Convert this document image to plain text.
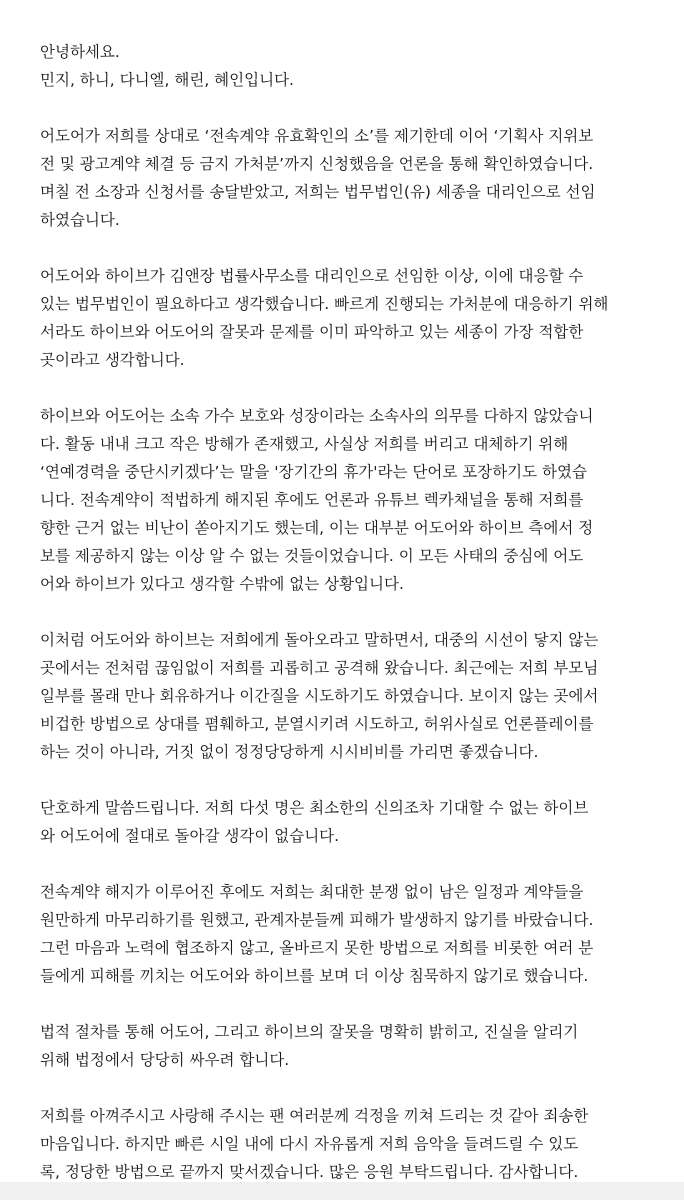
안녕하세요.
민지, 하니, 다니엘, 해린, 혜인입니다.
어도어가 저희를 상대로 ‘전속계약 유효확인의 소’를 제기한데 이어 ‘기획사 지위보
전 및 광고계약 체결 등 금지 가처분’까지 신청했음을 언론을 통해 확인하였습니다.
며칠 전 소장과 신청서를 송달받았고, 저희는 법무법인(유) 세종을 대리인으로 선임
하였습니다.
어도어와 하이브가 김앤장 법률사무소를 대리인으로 선임한 이상, 이에 대응할 수
있는 법무법인이 필요하다고 생각했습니다. 빠르게 진행되는 가처분에 대응하기 위해
서라도 하이브와 어도어의 잘못과 문제를 이미 파악하고 있는 세종이 가장 적합한
곳이라고 생각합니다.
하이브와 어도어는 소속 가수 보호와 성장이라는 소속사의 의무를 다하지 않았습니
다. 활동 내내 크고 작은 방해가 존재했고, 사실상 저희를 버리고 대체하기 위해
‘연예경력을 중단시키겠다’는 말을 '장기간의 휴가'라는 단어로 포장하기도 하였습
니다. 전속계약이 적법하게 해지된 후에도 언론과 유튜브 렉카채널을 통해 저희를
향한 근거 없는 비난이 쏟아지기도 했는데, 이는 대부분 어도어와 하이브 측에서 정
보를 제공하지 않는 이상 알 수 없는 것들이었습니다. 이 모든 사태의 중심에 어도
어와 하이브가 있다고 생각할 수밖에 없는 상황입니다.
이처럼 어도어와 하이브는 저희에게 돌아오라고 말하면서, 대중의 시선이 닿지 않는
곳에서는 전처럼 끊임없이 저희를 괴롭히고 공격해 왔습니다. 최근에는 저희 부모님
일부를 몰래 만나 회유하거나 이간질을 시도하기도 하였습니다. 보이지 않는 곳에서
비겁한 방법으로 상대를 폄훼하고, 분열시키려 시도하고, 허위사실로 언론플레이를
하는 것이 아니라, 거짓 없이 정정당당하게 시시비비를 가리면 좋겠습니다.
단호하게 말씀드립니다. 저희 다섯 명은 최소한의 신의조차 기대할 수 없는 하이브
와 어도어에 절대로 돌아갈 생각이 없습니다.
전속계약 해지가 이루어진 후에도 저희는 최대한 분쟁 없이 남은 일정과 계약들을
원만하게 마무리하기를 원했고, 관계자분들께 피해가 발생하지 않기를 바랐습니다.
그런 마음과 노력에 협조하지 않고, 올바르지 못한 방법으로 저희를 비롯한 여러 분
들에게 피해를 끼치는 어도어와 하이브를 보며 더 이상 침묵하지 않기로 했습니다.
법적 절차를 통해 어도어, 그리고 하이브의 잘못을 명확히 밝히고, 진실을 알리기
위해 법정에서 당당히 싸우려 합니다.
저희를 아껴주시고 사랑해 주시는 팬 여러분께 걱정을 끼쳐 드리는 것 같아 죄송한
마음입니다. 하지만 빠른 시일 내에 다시 자유롭게 저희 음악을 들려드릴 수 있도
록, 정당한 방법으로 끝까지 맞서겠습니다. 많은 응원 부탁드립니다. 감사합니다.
